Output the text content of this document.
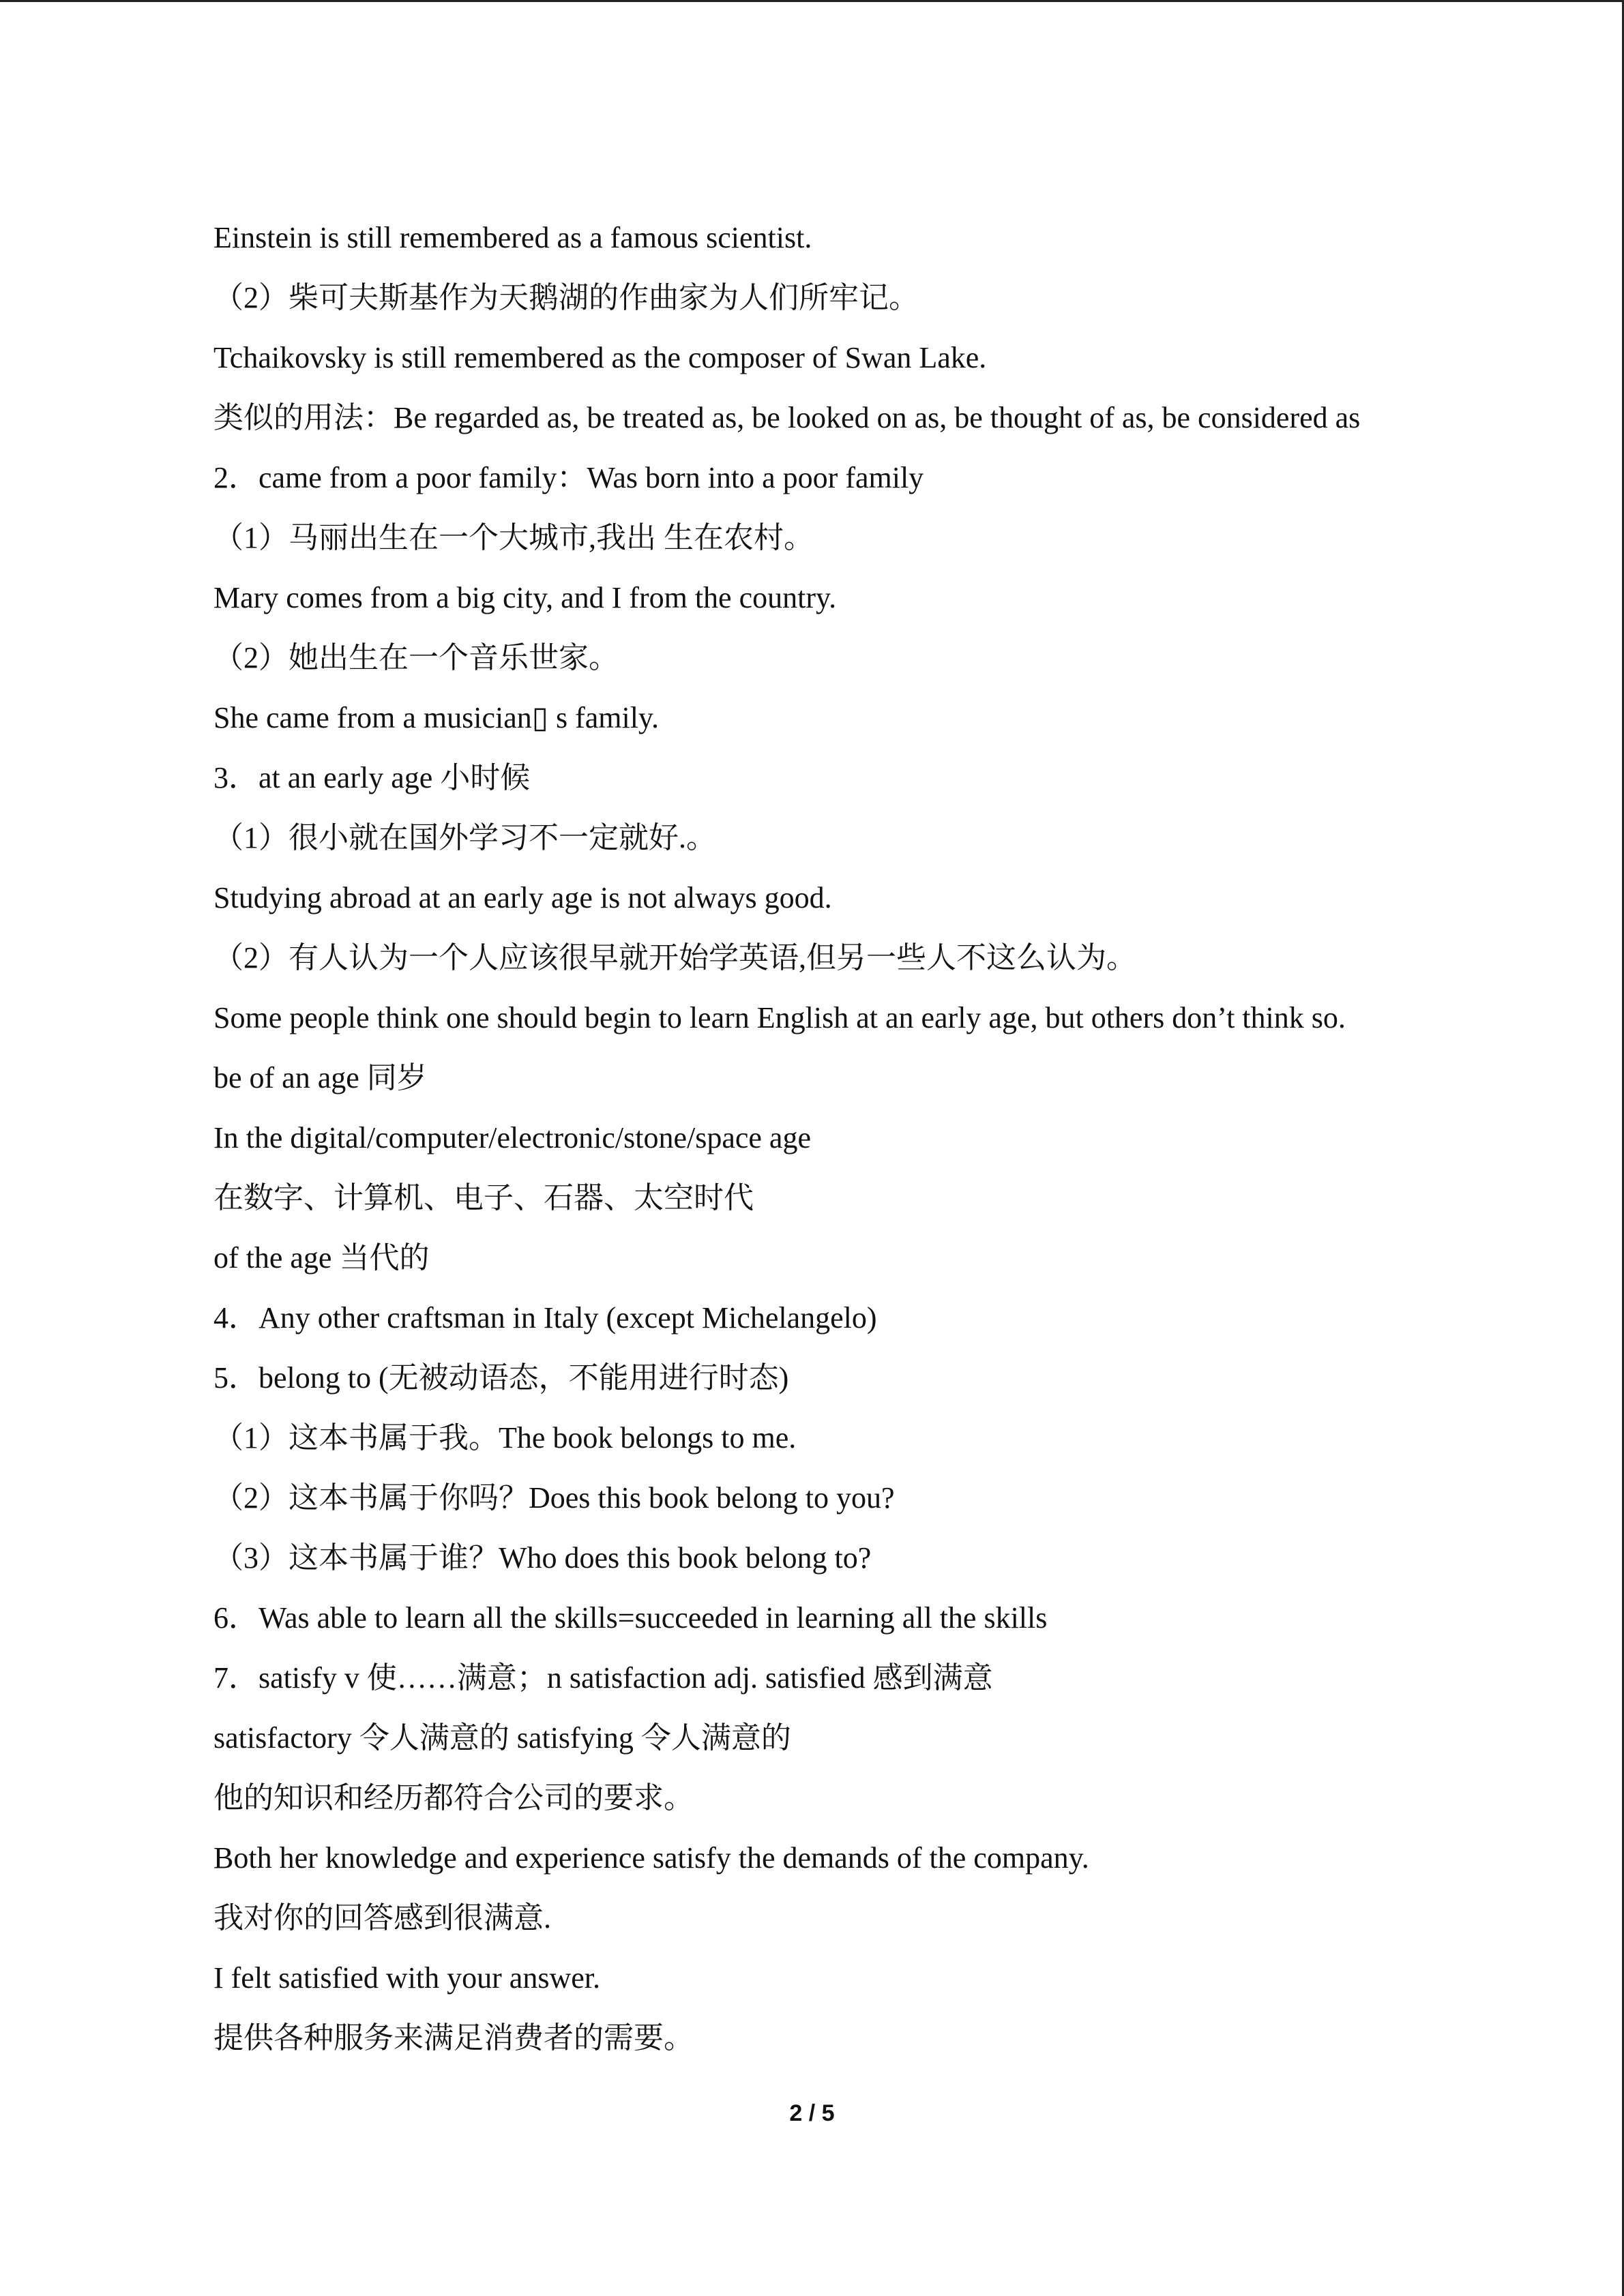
Einstein is still remembered as a famous scientist.

（2）柴可夫斯基作为天鹅湖的作曲家为人们所牢记。

Tchaikovsky is still remembered as the composer of Swan Lake.

类似的用法：Be regarded as, be treated as, be looked on as, be thought of as, be considered as

2．came from a poor family：Was born into a poor family

（1）马丽出生在一个大城市,我出 生在农村。

Mary comes from a big city, and I from the country.

（2）她出生在一个音乐世家。

She came from a musician▯ s family.

3．at an early age 小时候

（1）很小就在国外学习不一定就好.。

Studying abroad at an early age is not always good.

（2）有人认为一个人应该很早就开始学英语,但另一些人不这么认为。

Some people think one should begin to learn English at an early age, but others don’t think so.

be of an age 同岁

In the digital/computer/electronic/stone/space age

在数字、计算机、电子、石器、太空时代

of the age 当代的

4．Any other craftsman in Italy (except Michelangelo)

5．belong to (无被动语态，不能用进行时态)

（1）这本书属于我。The book belongs to me.

（2）这本书属于你吗？Does this book belong to you?

（3）这本书属于谁？Who does this book belong to?

6．Was able to learn all the skills=succeeded in learning all the skills

7．satisfy v 使……满意；n satisfaction adj. satisfied 感到满意

satisfactory 令人满意的 satisfying 令人满意的

他的知识和经历都符合公司的要求。

Both her knowledge and experience satisfy the demands of the company.

我对你的回答感到很满意.

I felt satisfied with your answer.

提供各种服务来满足消费者的需要。

2 / 5
